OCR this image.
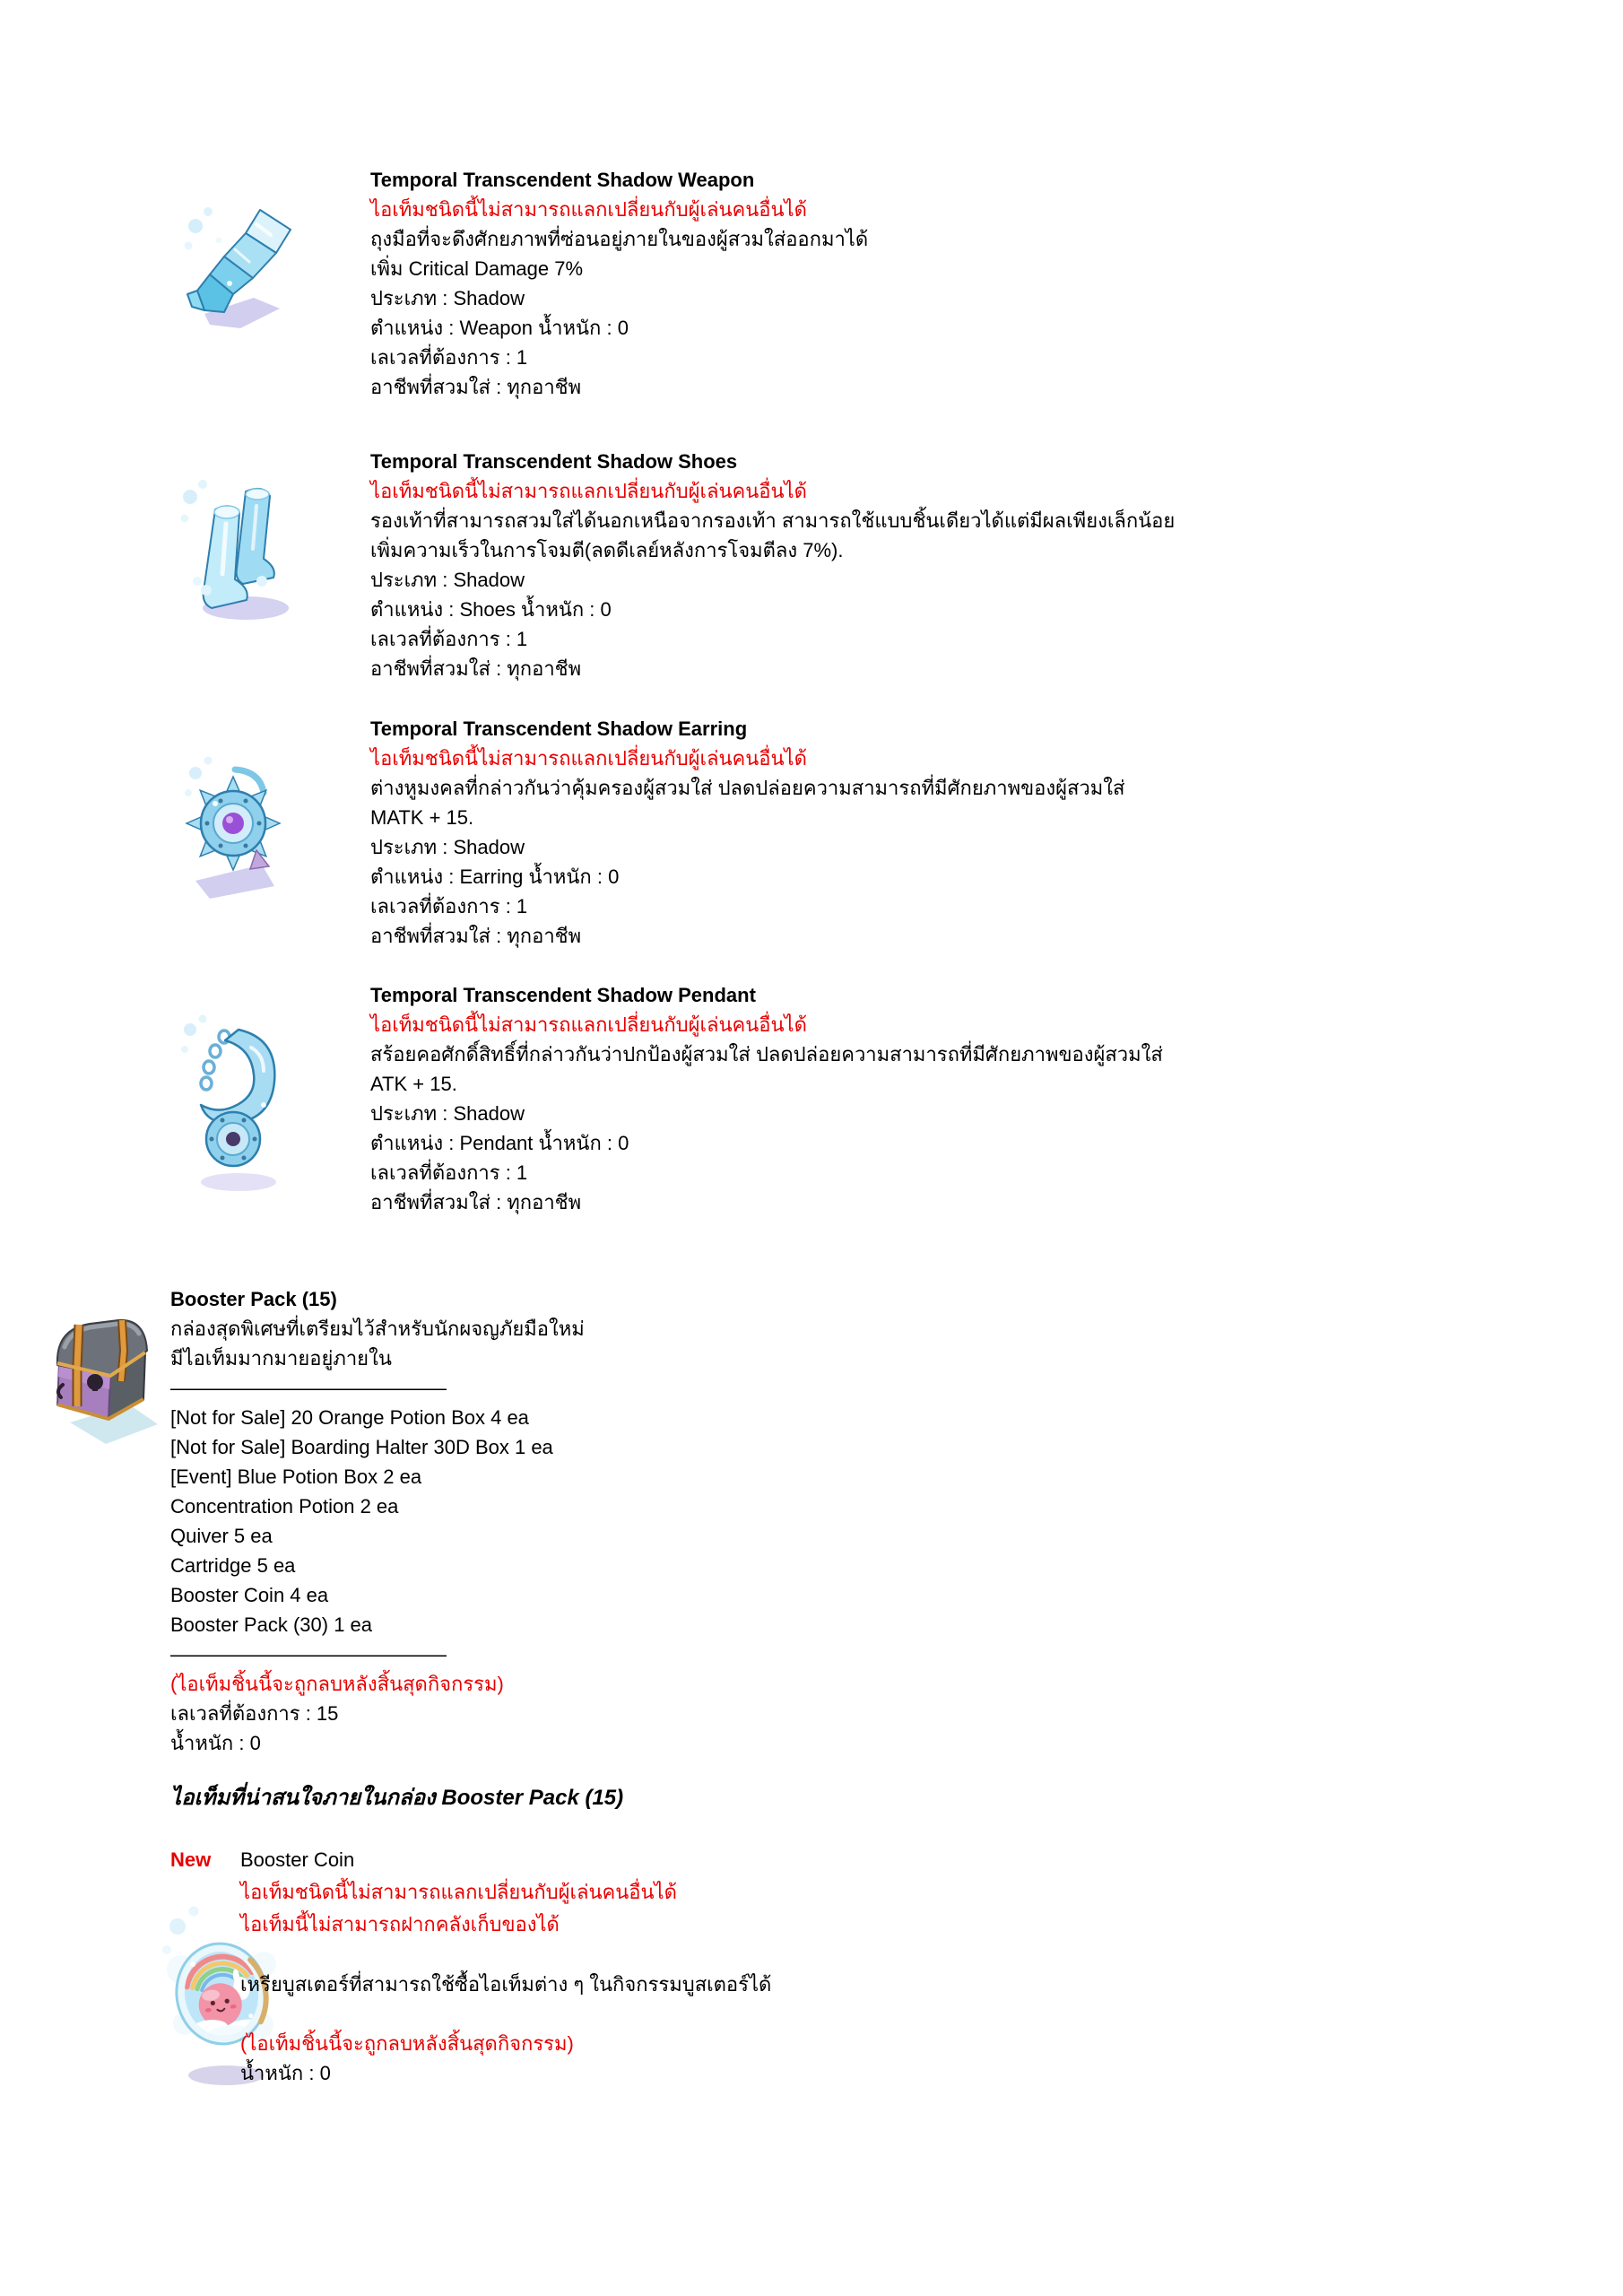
Temporal Transcendent Shadow Weapon
ไอเท็มชนิดนี้ไม่สามารถแลกเปลี่ยนกับผู้เล่นคนอื่นได้
ถุงมือที่จะดึงศักยภาพที่ซ่อนอยู่ภายในของผู้สวมใส่ออกมาได้
เพิ่ม Critical Damage 7%
ประเภท : Shadow
ตำแหน่ง : Weapon น้ำหนัก : 0
เลเวลที่ต้องการ : 1
อาชีพที่สวมใส่ : ทุกอาชีพ
Temporal Transcendent Shadow Shoes
ไอเท็มชนิดนี้ไม่สามารถแลกเปลี่ยนกับผู้เล่นคนอื่นได้
รองเท้าที่สามารถสวมใส่ได้นอกเหนือจากรองเท้า สามารถใช้แบบชิ้นเดียวได้แต่มีผลเพียงเล็กน้อย
เพิ่มความเร็วในการโจมตี(ลดดีเลย์หลังการโจมตีลง 7%).
ประเภท : Shadow
ตำแหน่ง : Shoes น้ำหนัก : 0
เลเวลที่ต้องการ : 1
อาชีพที่สวมใส่ : ทุกอาชีพ
Temporal Transcendent Shadow Earring
ไอเท็มชนิดนี้ไม่สามารถแลกเปลี่ยนกับผู้เล่นคนอื่นได้
ต่างหูมงคลที่กล่าวกันว่าคุ้มครองผู้สวมใส่ ปลดปล่อยความสามารถที่มีศักยภาพของผู้สวมใส่
MATK + 15.
ประเภท : Shadow
ตำแหน่ง : Earring น้ำหนัก : 0
เลเวลที่ต้องการ : 1
อาชีพที่สวมใส่ : ทุกอาชีพ
Temporal Transcendent Shadow Pendant
ไอเท็มชนิดนี้ไม่สามารถแลกเปลี่ยนกับผู้เล่นคนอื่นได้
สร้อยคอศักดิ์สิทธิ์ที่กล่าวกันว่าปกป้องผู้สวมใส่ ปลดปล่อยความสามารถที่มีศักยภาพของผู้สวมใส่
ATK + 15.
ประเภท : Shadow
ตำแหน่ง : Pendant น้ำหนัก : 0
เลเวลที่ต้องการ : 1
อาชีพที่สวมใส่ : ทุกอาชีพ
Booster Pack (15)
กล่องสุดพิเศษที่เตรียมไว้สำหรับนักผจญภัยมือใหม่
มีไอเท็มมากมายอยู่ภายใน
——————————————
[Not for Sale] 20 Orange Potion Box 4 ea
[Not for Sale] Boarding Halter 30D Box 1 ea
[Event] Blue Potion Box 2 ea
Concentration Potion 2 ea
Quiver 5 ea
Cartridge 5 ea
Booster Coin 4 ea
Booster Pack (30) 1 ea
——————————————
(ไอเท็มชิ้นนี้จะถูกลบหลังสิ้นสุดกิจกรรม)
เลเวลที่ต้องการ : 15
น้ำหนัก : 0
ไอเท็มที่น่าสนใจภายในกล่อง Booster Pack (15)
New Booster Coin
ไอเท็มชนิดนี้ไม่สามารถแลกเปลี่ยนกับผู้เล่นคนอื่นได้
ไอเท็มนี้ไม่สามารถฝากคลังเก็บของได้
เหรียบูสเตอร์ที่สามารถใช้ซื้อไอเท็มต่าง ๆ ในกิจกรรมบูสเตอร์ได้
(ไอเท็มชิ้นนี้จะถูกลบหลังสิ้นสุดกิจกรรม)
น้ำหนัก : 0
